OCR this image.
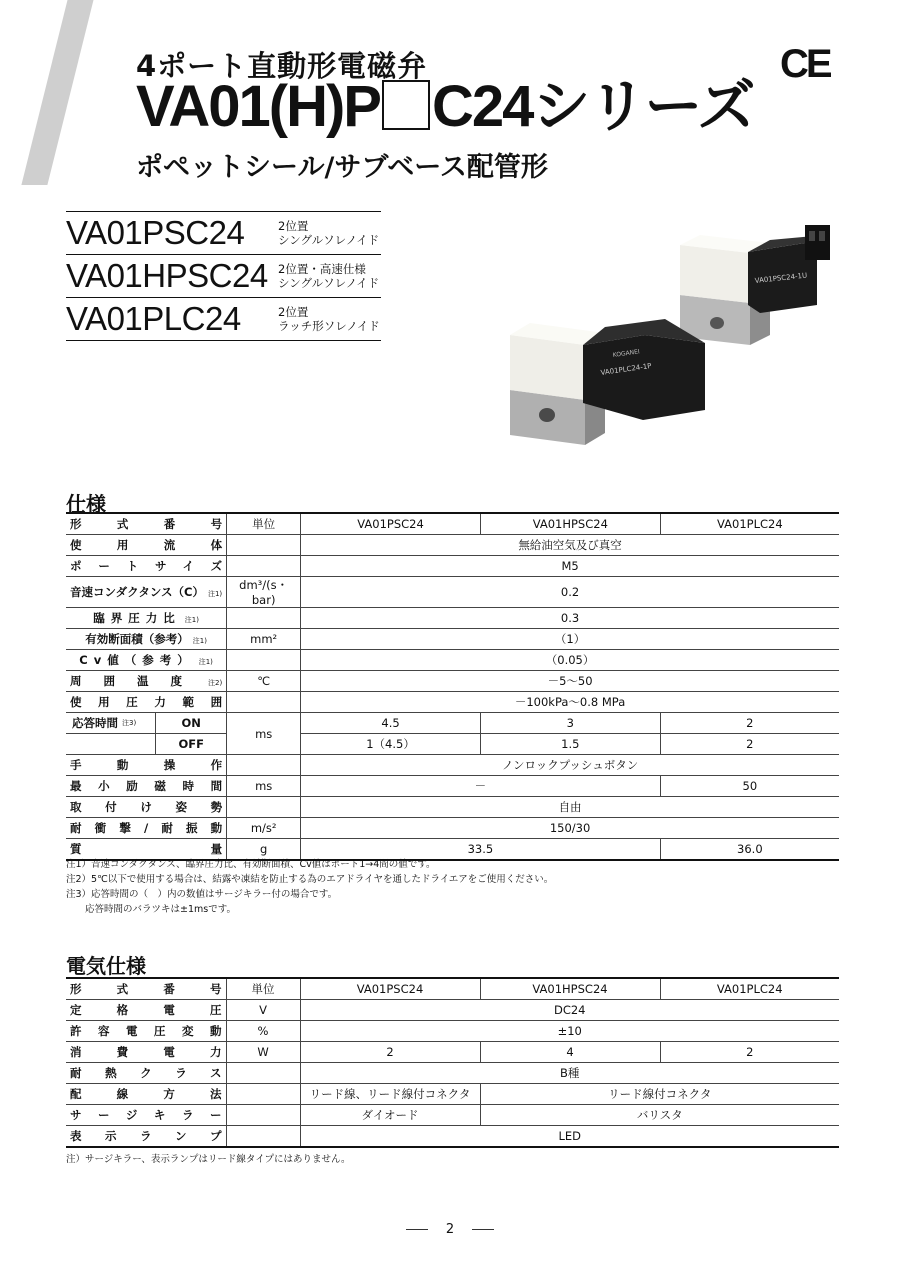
4ポート直動形電磁弁
VA01(H)P C24シリーズ
CE
ポペットシール/サブベース配管形
VA01PSC24	2位置
シングルソレノイド
VA01HPSC24 2位置・高速仕様
シングルソレノイド
VA01PLC24	2位置
ラッチ形ソレノイド
VA01PSC24-1U
VA01PLC24-1P
KOGANEI
仕様
形式番号	単位	VA01PSC24	VA01HPSC24	VA01PLC24
使用流体		無給油空気及び真空		
ポートサイズ		M5		
音速コンダクタンス（C） 注1)	dm³/(s・bar)	0.2		
臨界圧力比 注1)		0.3		
有効断面積（参考） 注1)	mm²	（1）		
Cv値（参考） 注1)		（0.05）		
周囲温度 注2)	℃	－5～50		
使用圧力範囲		－100kPa～0.8 MPa		

応答時間 注3) ON	ms	4.5	3	2

OFF		1（4.5）	1.5	2
手動操作		ノンロックプッシュボタン		
最小励磁時間	ms	－		50
取付け姿勢		自由		
耐衝撃/耐振動	m/s²	150/30		
質量	g	33.5		36.0
注1）音速コンダクタンス、臨界圧力比、有効断面積、Cv値はポート1→4間の値です。
注2）5℃以下で使用する場合は、結露や凍結を防止する為のエアドライヤを通したドライエアをご使用ください。
注3）応答時間の（　）内の数値はサージキラー付の場合です。
　　応答時間のバラツキは±1msです。
電気仕様
形式番号	単位	VA01PSC24	VA01HPSC24	VA01PLC24
定格電圧	V	DC24		
許容電圧変動	%	±10		
消費電力	W	2	4	2
耐熱クラス		B種		
配線方法		リード線、リード線付コネクタ	リード線付コネクタ	
サージキラー		ダイオード	バリスタ	
表示ランプ		LED		
注）サージキラー、表示ランプはリード線タイプにはありません。
2
